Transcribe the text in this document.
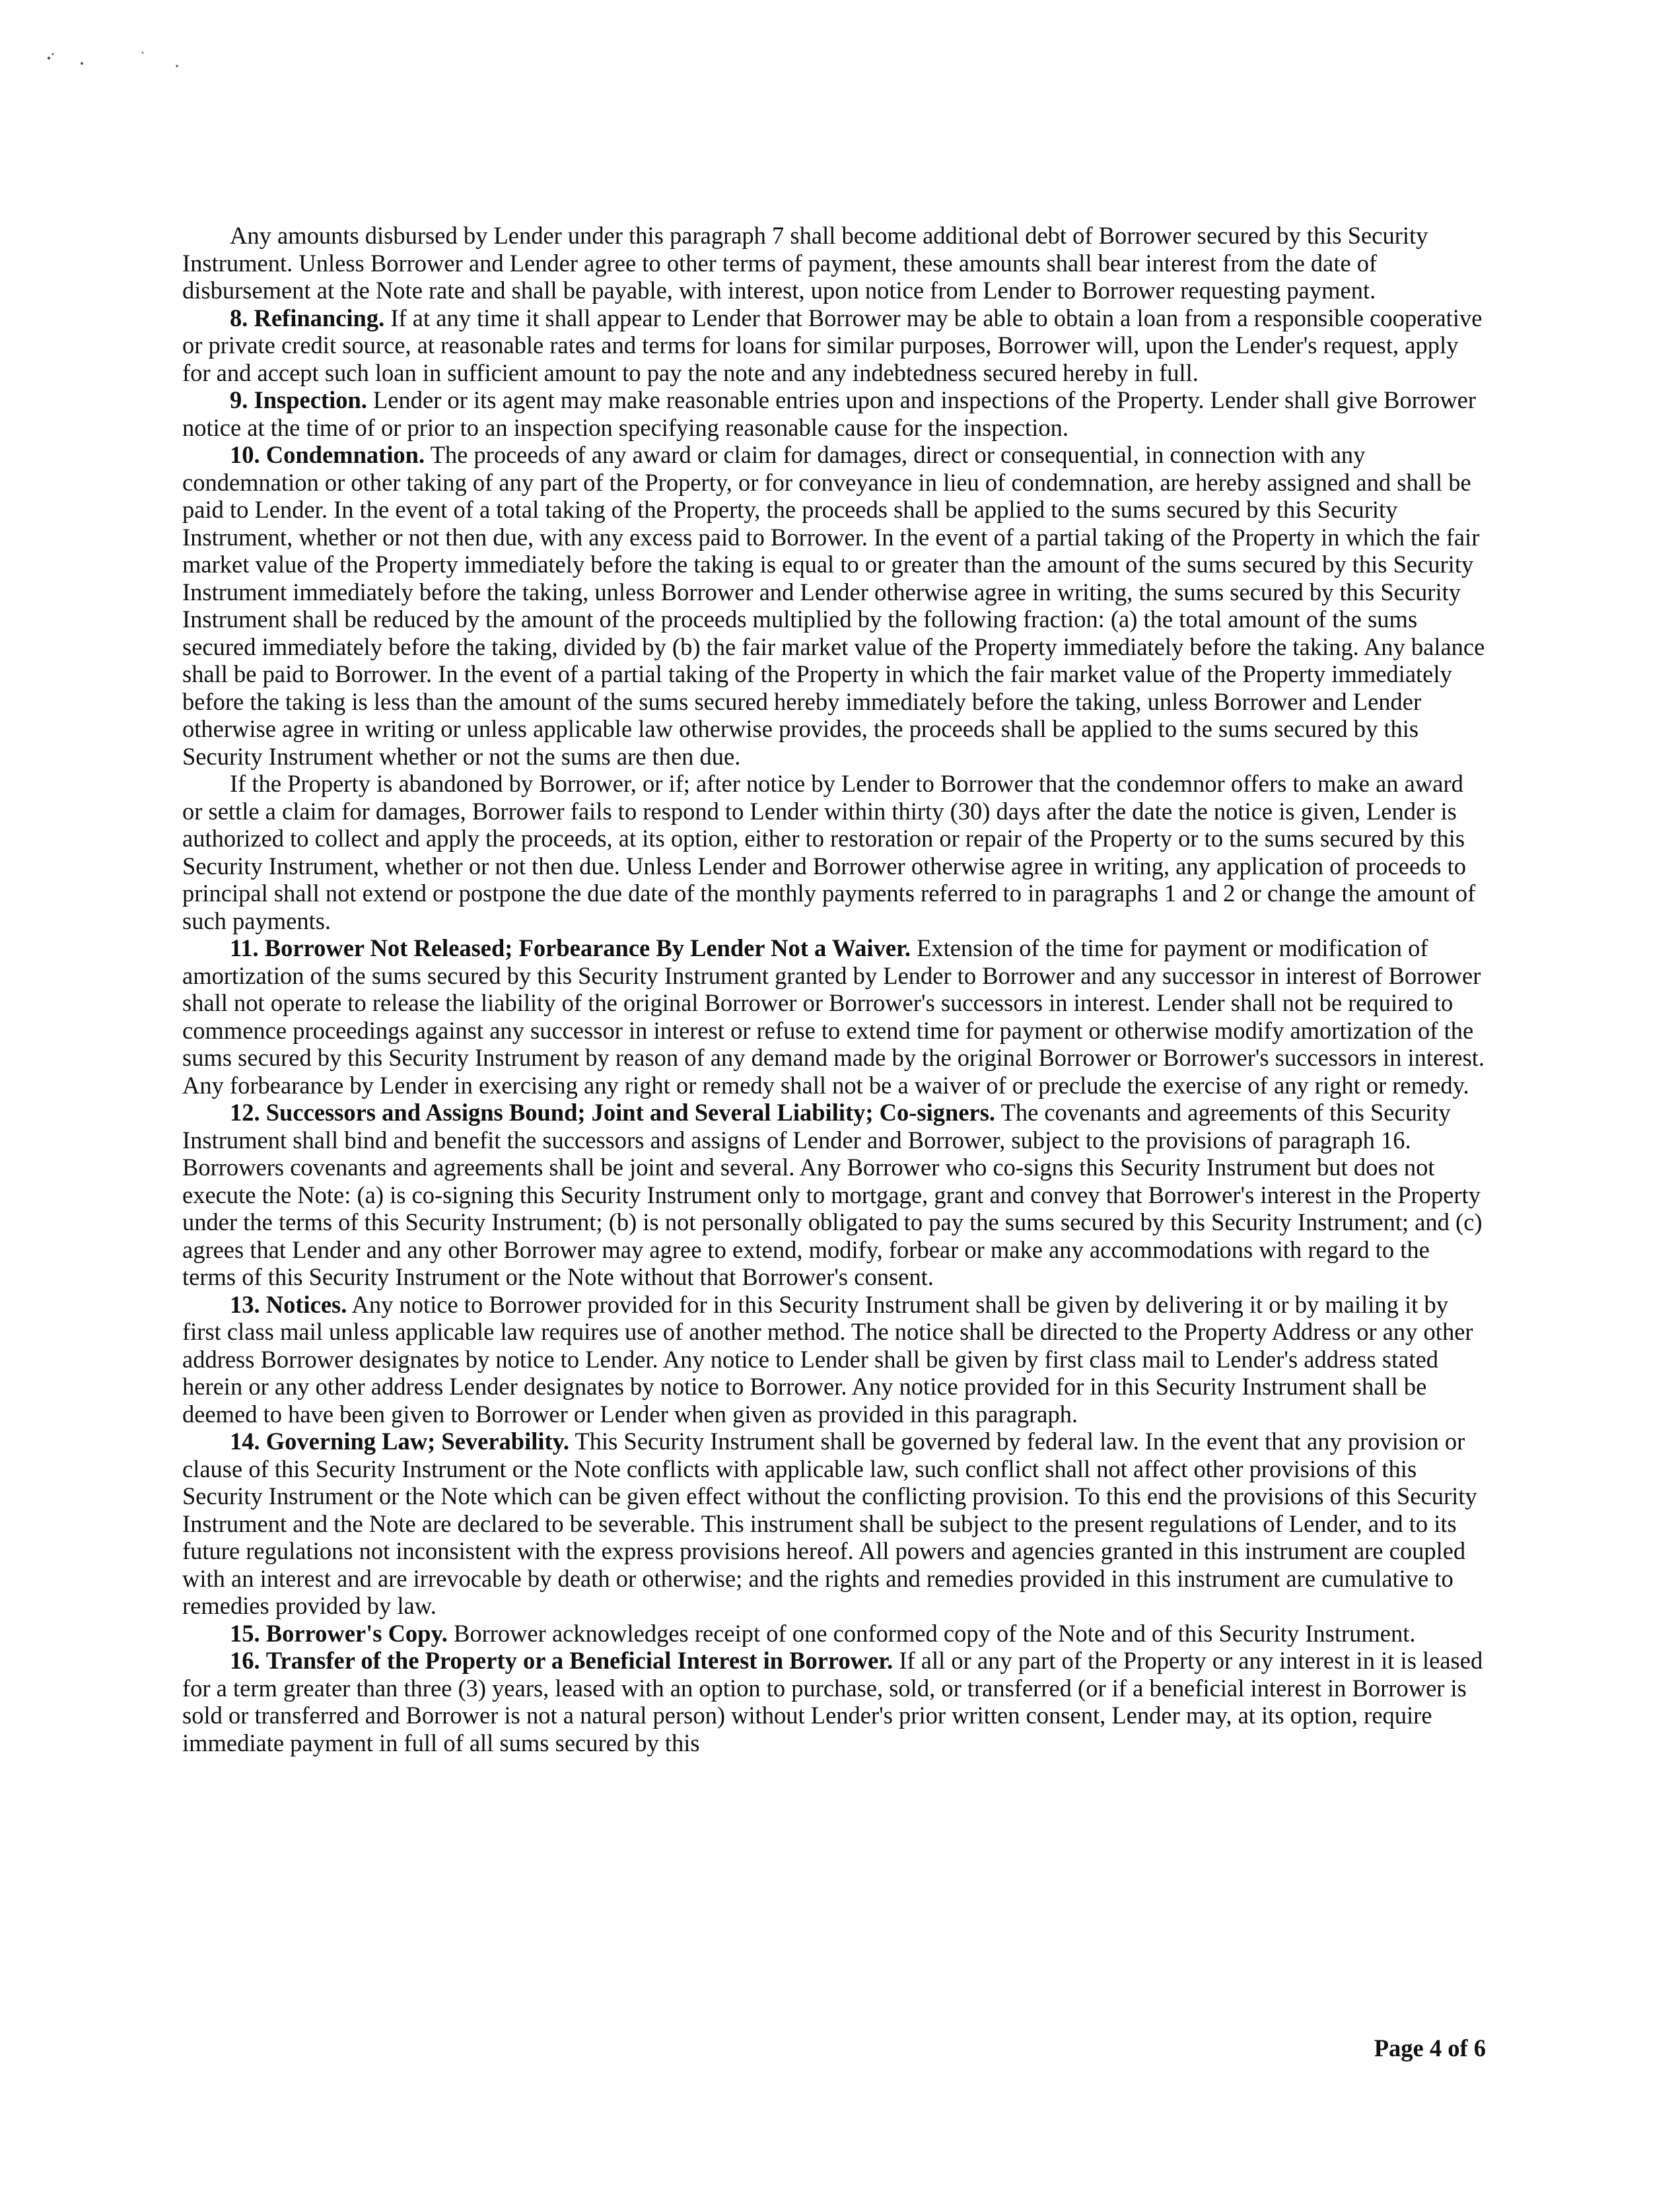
Any amounts disbursed by Lender under this paragraph 7 shall become additional debt of Borrower secured by this Security Instrument. Unless Borrower and Lender agree to other terms of payment, these amounts shall bear interest from the date of disbursement at the Note rate and shall be payable, with interest, upon notice from Lender to Borrower requesting payment.

8. Refinancing. If at any time it shall appear to Lender that Borrower may be able to obtain a loan from a responsible cooperative or private credit source, at reasonable rates and terms for loans for similar purposes, Borrower will, upon the Lender's request, apply for and accept such loan in sufficient amount to pay the note and any indebtedness secured hereby in full.

9. Inspection. Lender or its agent may make reasonable entries upon and inspections of the Property. Lender shall give Borrower notice at the time of or prior to an inspection specifying reasonable cause for the inspection.

10. Condemnation. The proceeds of any award or claim for damages, direct or consequential, in connection with any condemnation or other taking of any part of the Property, or for conveyance in lieu of condemnation, are hereby assigned and shall be paid to Lender. In the event of a total taking of the Property, the proceeds shall be applied to the sums secured by this Security Instrument, whether or not then due, with any excess paid to Borrower. In the event of a partial taking of the Property in which the fair market value of the Property immediately before the taking is equal to or greater than the amount of the sums secured by this Security Instrument immediately before the taking, unless Borrower and Lender otherwise agree in writing, the sums secured by this Security Instrument shall be reduced by the amount of the proceeds multiplied by the following fraction: (a) the total amount of the sums secured immediately before the taking, divided by (b) the fair market value of the Property immediately before the taking. Any balance shall be paid to Borrower. In the event of a partial taking of the Property in which the fair market value of the Property immediately before the taking is less than the amount of the sums secured hereby immediately before the taking, unless Borrower and Lender otherwise agree in writing or unless applicable law otherwise provides, the proceeds shall be applied to the sums secured by this Security Instrument whether or not the sums are then due.

If the Property is abandoned by Borrower, or if; after notice by Lender to Borrower that the condemnor offers to make an award or settle a claim for damages, Borrower fails to respond to Lender within thirty (30) days after the date the notice is given, Lender is authorized to collect and apply the proceeds, at its option, either to restoration or repair of the Property or to the sums secured by this Security Instrument, whether or not then due. Unless Lender and Borrower otherwise agree in writing, any application of proceeds to principal shall not extend or postpone the due date of the monthly payments referred to in paragraphs 1 and 2 or change the amount of such payments.

11. Borrower Not Released; Forbearance By Lender Not a Waiver. Extension of the time for payment or modification of amortization of the sums secured by this Security Instrument granted by Lender to Borrower and any successor in interest of Borrower shall not operate to release the liability of the original Borrower or Borrower's successors in interest. Lender shall not be required to commence proceedings against any successor in interest or refuse to extend time for payment or otherwise modify amortization of the sums secured by this Security Instrument by reason of any demand made by the original Borrower or Borrower's successors in interest. Any forbearance by Lender in exercising any right or remedy shall not be a waiver of or preclude the exercise of any right or remedy.

12. Successors and Assigns Bound; Joint and Several Liability; Co-signers. The covenants and agreements of this Security Instrument shall bind and benefit the successors and assigns of Lender and Borrower, subject to the provisions of paragraph 16. Borrowers covenants and agreements shall be joint and several. Any Borrower who co-signs this Security Instrument but does not execute the Note: (a) is co-signing this Security Instrument only to mortgage, grant and convey that Borrower's interest in the Property under the terms of this Security Instrument; (b) is not personally obligated to pay the sums secured by this Security Instrument; and (c) agrees that Lender and any other Borrower may agree to extend, modify, forbear or make any accommodations with regard to the terms of this Security Instrument or the Note without that Borrower's consent.

13. Notices. Any notice to Borrower provided for in this Security Instrument shall be given by delivering it or by mailing it by first class mail unless applicable law requires use of another method. The notice shall be directed to the Property Address or any other address Borrower designates by notice to Lender. Any notice to Lender shall be given by first class mail to Lender's address stated herein or any other address Lender designates by notice to Borrower. Any notice provided for in this Security Instrument shall be deemed to have been given to Borrower or Lender when given as provided in this paragraph.

14. Governing Law; Severability. This Security Instrument shall be governed by federal law. In the event that any provision or clause of this Security Instrument or the Note conflicts with applicable law, such conflict shall not affect other provisions of this Security Instrument or the Note which can be given effect without the conflicting provision. To this end the provisions of this Security Instrument and the Note are declared to be severable. This instrument shall be subject to the present regulations of Lender, and to its future regulations not inconsistent with the express provisions hereof. All powers and agencies granted in this instrument are coupled with an interest and are irrevocable by death or otherwise; and the rights and remedies provided in this instrument are cumulative to remedies provided by law.

15. Borrower's Copy. Borrower acknowledges receipt of one conformed copy of the Note and of this Security Instrument.

16. Transfer of the Property or a Beneficial Interest in Borrower. If all or any part of the Property or any interest in it is leased for a term greater than three (3) years, leased with an option to purchase, sold, or transferred (or if a beneficial interest in Borrower is sold or transferred and Borrower is not a natural person) without Lender's prior written consent, Lender may, at its option, require immediate payment in full of all sums secured by this

Page 4 of 6
